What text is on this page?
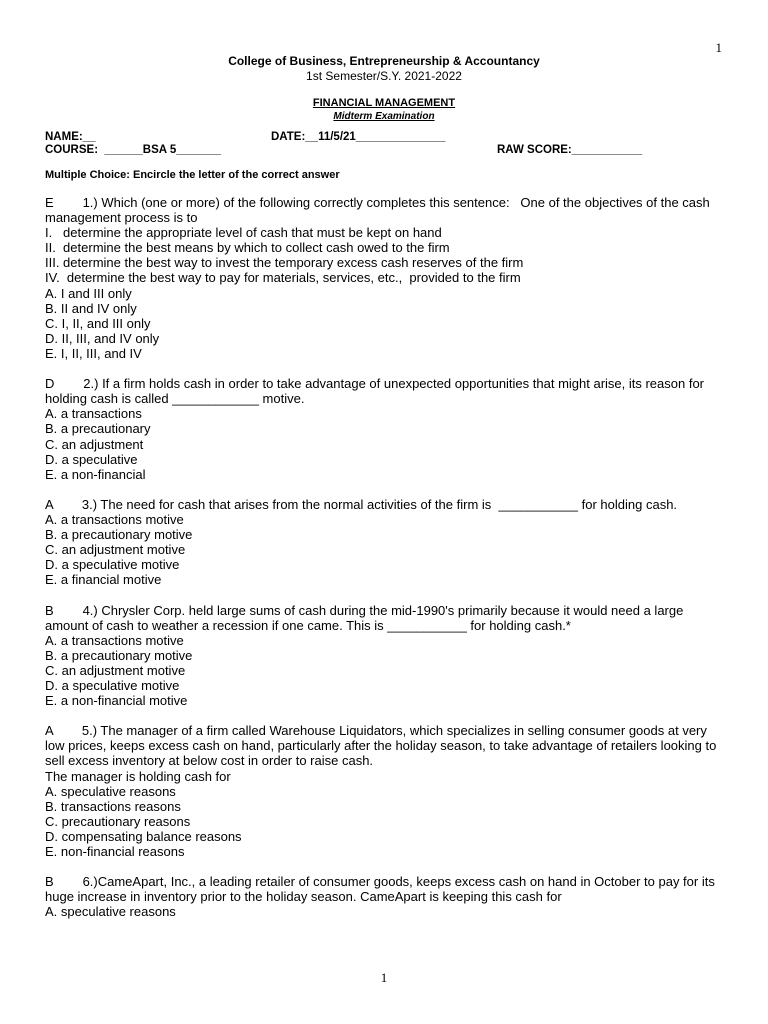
1
College of Business, Entrepreneurship & Accountancy
1st Semester/S.Y. 2021-2022
FINANCIAL MANAGEMENT
Midterm Examination
NAME:__	DATE:__11/5/21______________
COURSE:  ______BSA 5_______	RAW SCORE:___________
Multiple Choice: Encircle the letter of the correct answer
E        1.) Which (one or more) of the following correctly completes this sentence:   One of the objectives of the cash management process is to
I.   determine the appropriate level of cash that must be kept on hand
II.  determine the best means by which to collect cash owed to the firm
III. determine the best way to invest the temporary excess cash reserves of the firm
IV.  determine the best way to pay for materials, services, etc.,  provided to the firm
A. I and III only
B. II and IV only
C. I, II, and III only
D. II, III, and IV only
E. I, II, III, and IV
D        2.) If a firm holds cash in order to take advantage of unexpected opportunities that might arise, its reason for holding cash is called ____________ motive.
A. a transactions
B. a precautionary
C. an adjustment
D. a speculative
E. a non-financial
A        3.) The need for cash that arises from the normal activities of the firm is  ___________ for holding cash.
A. a transactions motive
B. a precautionary motive
C. an adjustment motive
D. a speculative motive
E. a financial motive
B        4.) Chrysler Corp. held large sums of cash during the mid-1990's primarily because it would need a large amount of cash to weather a recession if one came. This is ___________ for holding cash.*
A. a transactions motive
B. a precautionary motive
C. an adjustment motive
D. a speculative motive
E. a non-financial motive
A        5.) The manager of a firm called Warehouse Liquidators, which specializes in selling consumer goods at very low prices, keeps excess cash on hand, particularly after the holiday season, to take advantage of retailers looking to sell excess inventory at below cost in order to raise cash.
The manager is holding cash for
A. speculative reasons
B. transactions reasons
C. precautionary reasons
D. compensating balance reasons
E. non-financial reasons
B        6.)CameApart, Inc., a leading retailer of consumer goods, keeps excess cash on hand in October to pay for its huge increase in inventory prior to the holiday season. CameApart is keeping this cash for
A. speculative reasons
1
